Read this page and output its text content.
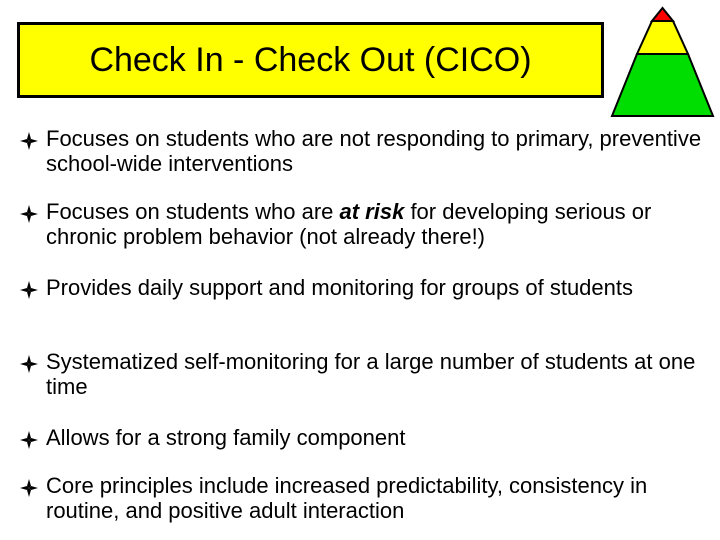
Check In - Check Out (CICO)
Focuses on students who are not responding to primary, preventive school-wide interventions
Focuses on students who are at risk for developing serious or chronic problem behavior (not already there!)
Provides daily support and monitoring for groups of students
Systematized self-monitoring for a large number of students at one time
Allows for a strong family component
Core principles include increased predictability, consistency in routine, and positive adult interaction
